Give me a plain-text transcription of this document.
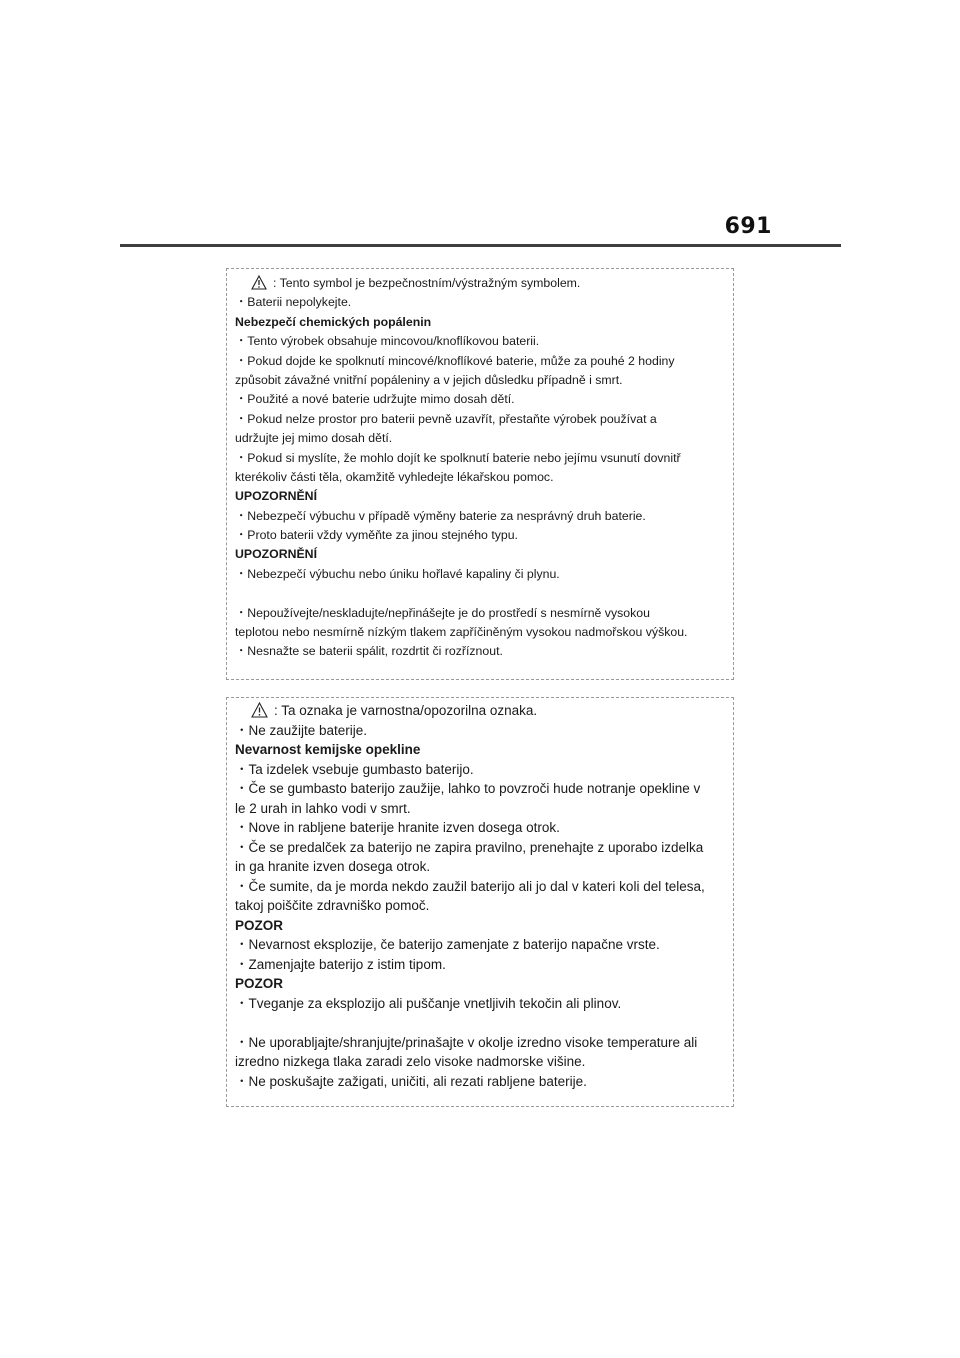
691
: Tento symbol je bezpečnostním/výstražným symbolem.
・Baterii nepolykejte.
Nebezpečí chemických popálenin
・Tento výrobek obsahuje mincovou/knoflíkovou baterii.
・Pokud dojde ke spolknutí mincové/knoflíkové baterie, může za pouhé 2 hodiny
způsobit závažné vnitřní popáleniny a v jejich důsledku případně i smrt.
・Použité a nové baterie udržujte mimo dosah dětí.
・Pokud nelze prostor pro baterii pevně uzavřít, přestaňte výrobek používat a
udržujte jej mimo dosah dětí.
・Pokud si myslíte, že mohlo dojít ke spolknutí baterie nebo jejímu vsunutí dovnitř
kterékoliv části těla, okamžitě vyhledejte lékařskou pomoc.
UPOZORNĚNÍ
・Nebezpečí výbuchu v případě výměny baterie za nesprávný druh baterie.
・Proto baterii vždy vyměňte za jinou stejného typu.
UPOZORNĚNÍ
・Nebezpečí výbuchu nebo úniku hořlavé kapaliny či plynu.
・Nepoužívejte/neskladujte/nepřinášejte je do prostředí s nesmírně vysokou
teplotou nebo nesmírně nízkým tlakem zapříčiněným vysokou nadmořskou výškou.
・Nesnažte se baterii spálit, rozdrtit či rozříznout.
: Ta oznaka je varnostna/opozorilna oznaka.
・Ne zaužijte baterije.
Nevarnost kemijske opekline
・Ta izdelek vsebuje gumbasto baterijo.
・Če se gumbasto baterijo zaužije, lahko to povzroči hude notranje opekline v
le 2 urah in lahko vodi v smrt.
・Nove in rabljene baterije hranite izven dosega otrok.
・Če se predalček za baterijo ne zapira pravilno, prenehajte z uporabo izdelka
in ga hranite izven dosega otrok.
・Če sumite, da je morda nekdo zaužil baterijo ali jo dal v kateri koli del telesa,
takoj poiščite zdravniško pomoč.
POZOR
・Nevarnost eksplozije, če baterijo zamenjate z baterijo napačne vrste.
・Zamenjajte baterijo z istim tipom.
POZOR
・Tveganje za eksplozijo ali puščanje vnetljivih tekočin ali plinov.
・Ne uporabljajte/shranjujte/prinašajte v okolje izredno visoke temperature ali
izredno nizkega tlaka zaradi zelo visoke nadmorske višine.
・Ne poskušajte zažigati, uničiti, ali rezati rabljene baterije.
